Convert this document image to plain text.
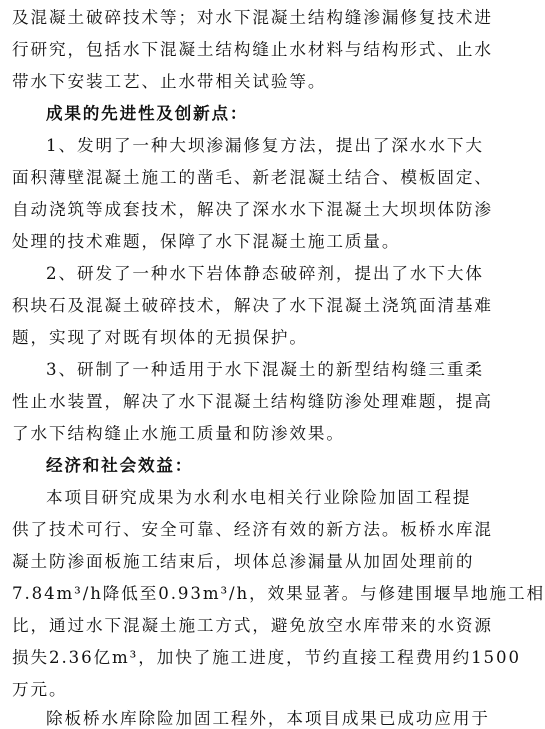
及混凝土破碎技术等；对水下混凝土结构缝渗漏修复技术进
行研究，包括水下混凝土结构缝止水材料与结构形式、止水
带水下安装工艺、止水带相关试验等。
成果的先进性及创新点：
1、发明了一种大坝渗漏修复方法，提出了深水水下大
面积薄壁混凝土施工的凿毛、新老混凝土结合、模板固定、
自动浇筑等成套技术，解决了深水水下混凝土大坝坝体防渗
处理的技术难题，保障了水下混凝土施工质量。
2、研发了一种水下岩体静态破碎剂，提出了水下大体
积块石及混凝土破碎技术，解决了水下混凝土浇筑面清基难
题，实现了对既有坝体的无损保护。
3、研制了一种适用于水下混凝土的新型结构缝三重柔
性止水装置，解决了水下混凝土结构缝防渗处理难题，提高
了水下结构缝止水施工质量和防渗效果。
经济和社会效益：
本项目研究成果为水利水电相关行业除险加固工程提
供了技术可行、安全可靠、经济有效的新方法。板桥水库混
凝土防渗面板施工结束后，坝体总渗漏量从加固处理前的
7.84m³/h降低至0.93m³/h，效果显著。与修建围堰旱地施工相
比，通过水下混凝土施工方式，避免放空水库带来的水资源
损失2.36亿m³，加快了施工进度，节约直接工程费用约1500
万元。
除板桥水库除险加固工程外，本项目成果已成功应用于
